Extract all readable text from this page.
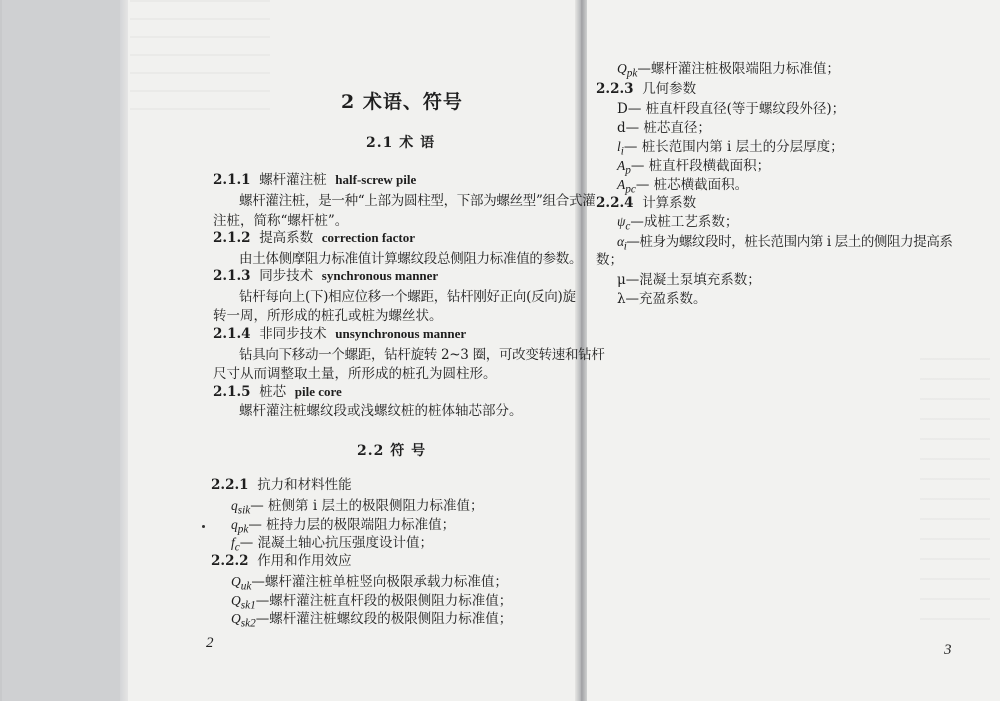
2 术语、符号
2.1 术 语
2.1.1 螺杆灌注桩 half-screw pile
螺杆灌注桩，是一种“上部为圆柱型，下部为螺丝型”组合式灌
注桩，简称“螺杆桩”。
2.1.2 提高系数 correction factor
由土体侧摩阻力标准值计算螺纹段总侧阻力标准值的参数。
2.1.3 同步技术 synchronous manner
钻杆每向上(下)相应位移一个螺距，钻杆刚好正向(反向)旋
转一周，所形成的桩孔或桩为螺丝状。
2.1.4 非同步技术 unsynchronous manner
钻具向下移动一个螺距，钻杆旋转 2~3 圈，可改变转速和钻杆
尺寸从而调整取土量，所形成的桩孔为圆柱形。
2.1.5 桩芯 pile core
螺杆灌注桩螺纹段或浅螺纹桩的桩体轴芯部分。
2.2 符 号
2.2.1 抗力和材料性能
$q_{sik}—$ 桩侧第 i 层土的极限侧阻力标准值；
$q_{pk}—$ 桩持力层的极限端阻力标准值；
$f_c—$ 混凝土轴心抗压强度设计值；
2.2.2 作用和作用效应
$Q_{uk}—$螺杆灌注桩单桩竖向极限承载力标准值；
$Q_{sk1}—$螺杆灌注桩直杆段的极限侧阻力标准值；
$Q_{sk2}—$螺杆灌注桩螺纹段的极限侧阻力标准值；
2
$Q_{pk}—$螺杆灌注桩极限端阻力标准值；
2.2.3 几何参数
D— 桩直杆段直径(等于螺纹段外径)；
d— 桩芯直径；
$l_i—$ 桩长范围内第 i 层土的分层厚度；
$A_p—$ 桩直杆段横截面积；
$A_{pc}—$ 桩芯横截面积。
2.2.4 计算系数
$\psi_c—$成桩工艺系数；
$\alpha_i—$桩身为螺纹段时，桩长范围内第 i 层土的侧阻力提高系
数；
μ—混凝土泵填充系数；
λ—充盈系数。
3
